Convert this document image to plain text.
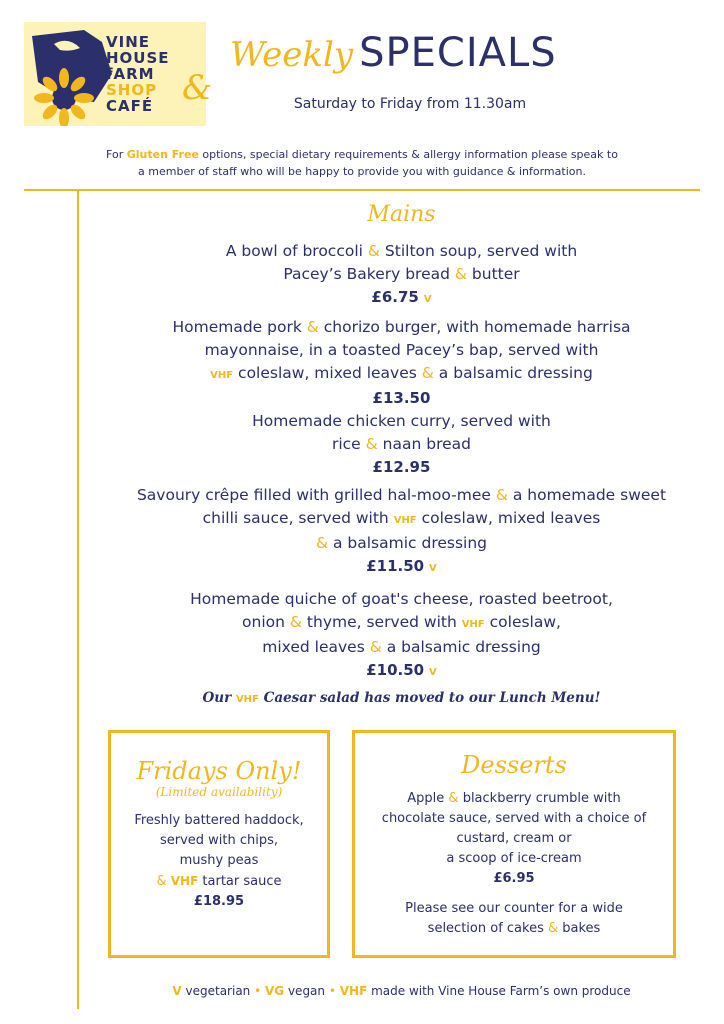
VINE
HOUSE
fARM
SHOP
CAFÉ &
Weekly SPECIALS
Saturday to Friday from 11.30am
For Gluten Free options, special dietary requirements & allergy information please speak to
a member of staff who will be happy to provide you with guidance & information.
Mains
A bowl of broccoli & Stilton soup, served with
Pacey’s Bakery bread & butter
£6.75 V
Homemade pork & chorizo burger, with homemade harrisa
mayonnaise, in a toasted Pacey’s bap, served with
VHF coleslaw, mixed leaves & a balsamic dressing
£13.50
Homemade chicken curry, served with
rice & naan bread
£12.95
Savoury crêpe filled with grilled hal-moo-mee & a homemade sweet
chilli sauce, served with VHF coleslaw, mixed leaves
& a balsamic dressing
£11.50 V
Homemade quiche of goat's cheese, roasted beetroot,
onion & thyme, served with VHF coleslaw,
mixed leaves & a balsamic dressing
£10.50 V
Our VHF Caesar salad has moved to our Lunch Menu!
Fridays Only!
(Limited availability)
Freshly battered haddock,
served with chips,
mushy peas
& VHF tartar sauce
£18.95
Desserts
Apple & blackberry crumble with
chocolate sauce, served with a choice of
custard, cream or
a scoop of ice-cream
£6.95
Please see our counter for a wide
selection of cakes & bakes
V vegetarian • VG vegan • VHF made with Vine House Farm’s own produce
